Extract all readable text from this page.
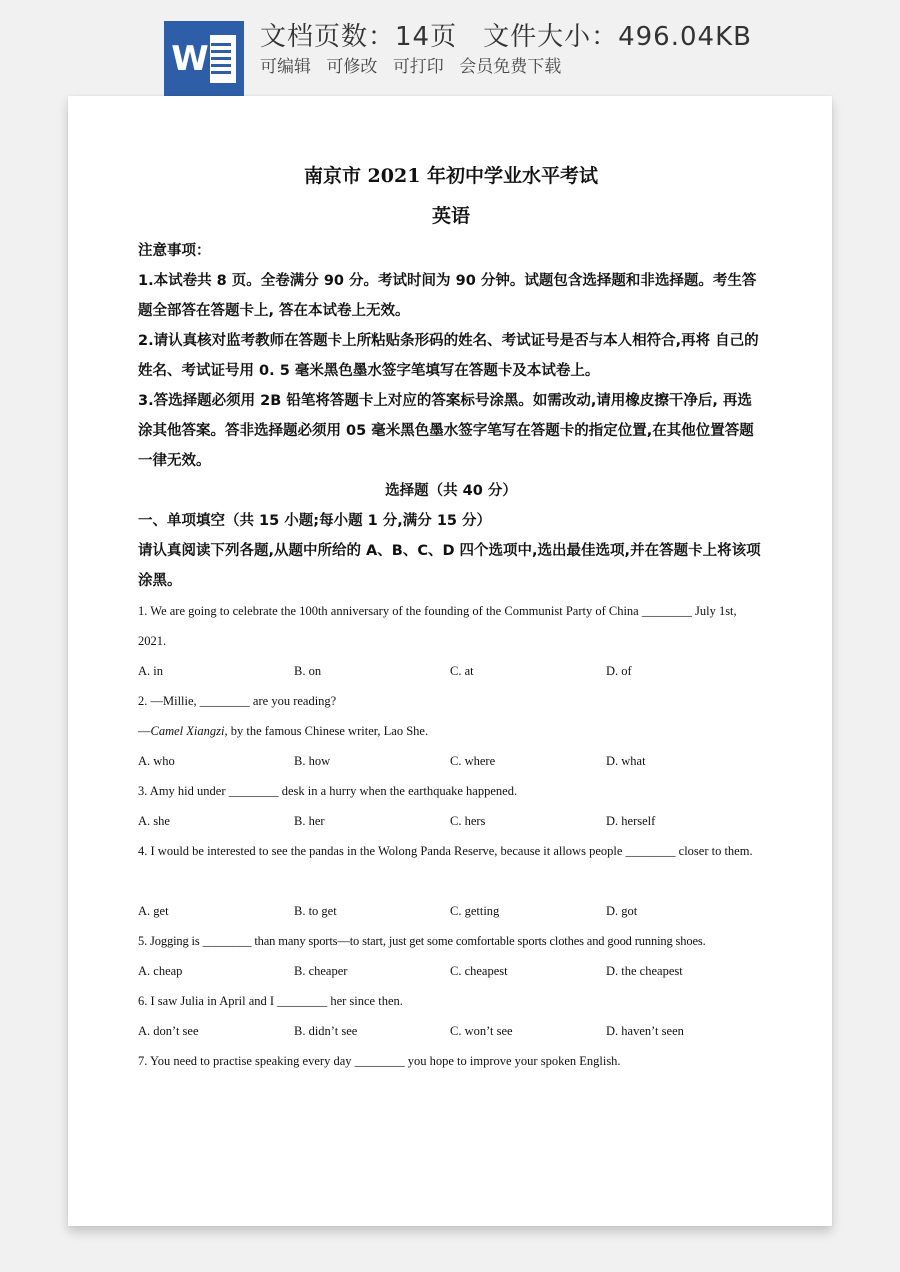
W
文档页数：14页 文件大小：496.04KB
可编辑 可修改 可打印 会员免费下载
南京市 2021 年初中学业水平考试
英语
注意事项：
1.本试卷共 8 页。全卷满分 90 分。考试时间为 90 分钟。试题包含选择题和非选择题。考生答题全部答在答题卡上, 答在本试卷上无效。
2.请认真核对监考教师在答题卡上所粘贴条形码的姓名、考试证号是否与本人相符合,再将 自己的姓名、考试证号用 0. 5 毫米黑色墨水签字笔填写在答题卡及本试卷上。
3.答选择题必须用 2B 铅笔将答题卡上对应的答案标号涂黑。如需改动,请用橡皮擦干净后, 再选涂其他答案。答非选择题必须用 05 毫米黑色墨水签字笔写在答题卡的指定位置,在其他位置答题一律无效。
选择题（共 40 分）
一、单项填空（共 15 小题;每小题 1 分,满分 15 分）
请认真阅读下列各题,从题中所给的 A、B、C、D 四个选项中,选出最佳选项,并在答题卡上将该项涂黑。
1. We are going to celebrate the 100th anniversary of the founding of the Communist Party of China ________ July 1st, 2021.
A. in	B. on	C. at	D. of
2. —Millie, ________ are you reading?
—Camel Xiangzi, by the famous Chinese writer, Lao She.
A. who	B. how	C. where	D. what
3. Amy hid under ________ desk in a hurry when the earthquake happened.
A. she	B. her	C. hers	D. herself
4. I would be interested to see the pandas in the Wolong Panda Reserve, because it allows people ________ closer to them.
A. get	B. to get	C. getting	D. got
5. Jogging is ________ than many sports—to start, just get some comfortable sports clothes and good running shoes.
A. cheap	B. cheaper	C. cheapest	D. the cheapest
6. I saw Julia in April and I ________ her since then.
A. don’t see	B. didn’t see	C. won’t see	D. haven’t seen
7. You need to practise speaking every day ________ you hope to improve your spoken English.
